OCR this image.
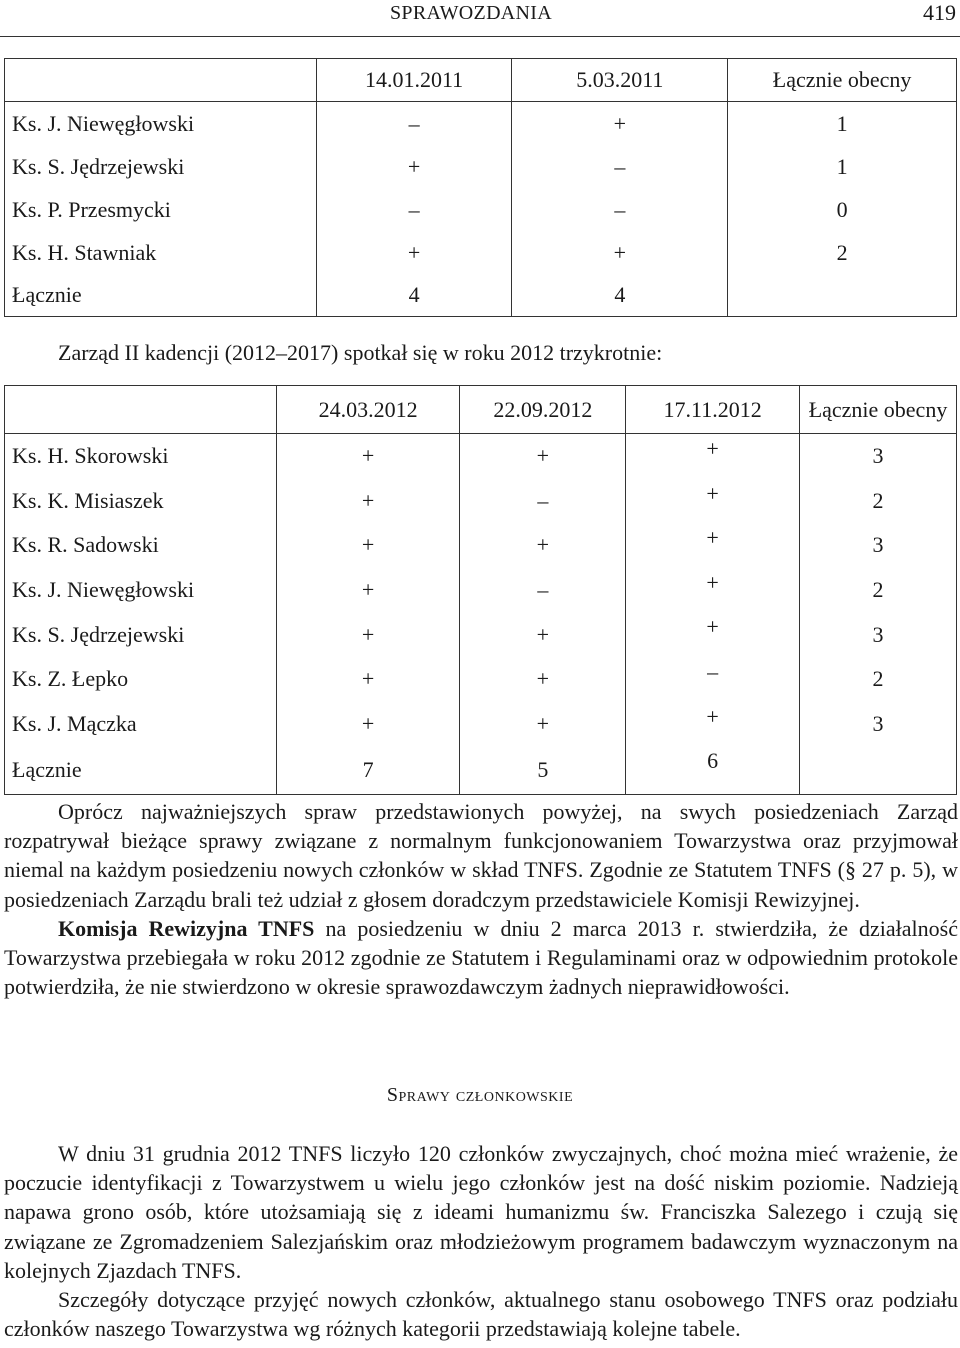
SPRAWOZDANIA	419
	14.01.2011	5.03.2011	Łącznie obecny
Ks. J. Niewęgłowski	–	+	1
Ks. S. Jędrzejewski	+	–	1
Ks. P. Przesmycki	–	–	0
Ks. H. Stawniak	+	+	2
Łącznie	4	4	
Zarząd II kadencji (2012–2017) spotkał się w roku 2012 trzykrotnie:
	24.03.2012	22.09.2012	17.11.2012	Łącznie obecny
Ks. H. Skorowski	+	+	+	3
Ks. K. Misiaszek	+	–	+	2
Ks. R. Sadowski	+	+	+	3
Ks. J. Niewęgłowski	+	–	+	2
Ks. S. Jędrzejewski	+	+	+	3
Ks. Z. Łepko	+	+	–	2
Ks. J. Mączka	+	+	+	3
Łącznie	7	5	6	

Oprócz najważniejszych spraw przedstawionych powyżej, na swych posiedzeniach Zarząd rozpatrywał bieżące sprawy związane z normalnym funkcjonowaniem Towarzystwa oraz przyjmował niemal na każdym posiedzeniu nowych członków w skład TNFS. Zgodnie ze Statutem TNFS (§ 27 p. 5), w posiedzeniach Zarządu brali też udział z głosem doradczym przedstawiciele Komisji Rewizyjnej.

Komisja Rewizyjna TNFS na posiedzeniu w dniu 2 marca 2013 r. stwierdziła, że działalność Towarzystwa przebiegała w roku 2012 zgodnie ze Statutem i Regulaminami oraz w odpowiednim protokole potwierdziła, że nie stwierdzono w okresie sprawozdawczym żadnych nieprawidłowości.

Sprawy członkowskie

W dniu 31 grudnia 2012 TNFS liczyło 120 członków zwyczajnych, choć można mieć wrażenie, że poczucie identyfikacji z Towarzystwem u wielu jego członków jest na dość niskim poziomie. Nadzieją napawa grono osób, które utożsamiają się z ideami humanizmu św. Franciszka Salezego i czują się związane ze Zgromadzeniem Salezjańskim oraz młodzieżowym programem badawczym wyznaczonym na kolejnych Zjazdach TNFS.

Szczegóły dotyczące przyjęć nowych członków, aktualnego stanu osobowego TNFS oraz podziału członków naszego Towarzystwa wg różnych kategorii przedstawiają kolejne tabele.
